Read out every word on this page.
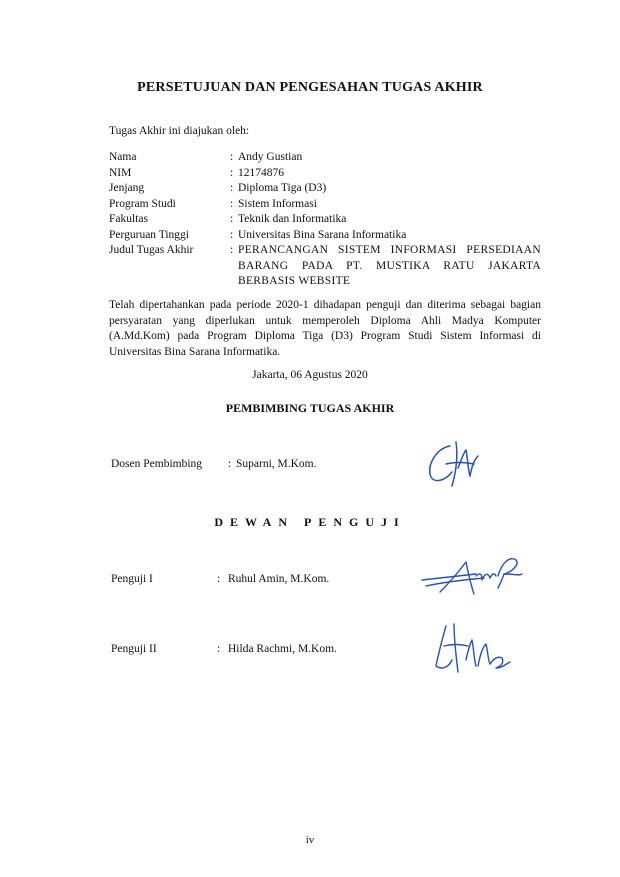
PERSETUJUAN DAN PENGESAHAN TUGAS AKHIR
Tugas Akhir ini diajukan oleh:
Nama	: Andy Gustian
NIM	: 12174876
Jenjang	: Diploma Tiga (D3)
Program Studi	: Sistem Informasi
Fakultas	: Teknik dan Informatika
Perguruan Tinggi	: Universitas Bina Sarana Informatika
Judul Tugas Akhir	: PERANCANGAN SISTEM INFORMASI PERSEDIAAN BARANG PADA PT. MUSTIKA RATU JAKARTA BERBASIS WEBSITE
Telah dipertahankan pada periode 2020-1 dihadapan penguji dan diterima sebagai bagian persyaratan yang diperlukan untuk memperoleh Diploma Ahli Madya Komputer (A.Md.Kom) pada Program Diploma Tiga (D3) Program Studi Sistem Informasi di Universitas Bina Sarana Informatika.
Jakarta, 06 Agustus 2020
PEMBIMBING TUGAS AKHIR
Dosen Pembimbing : Suparni, M.Kom.
DEWAN PENGUJI
Penguji I	: Ruhul Amin, M.Kom.
Penguji II	: Hilda Rachmi, M.Kom.
iv
